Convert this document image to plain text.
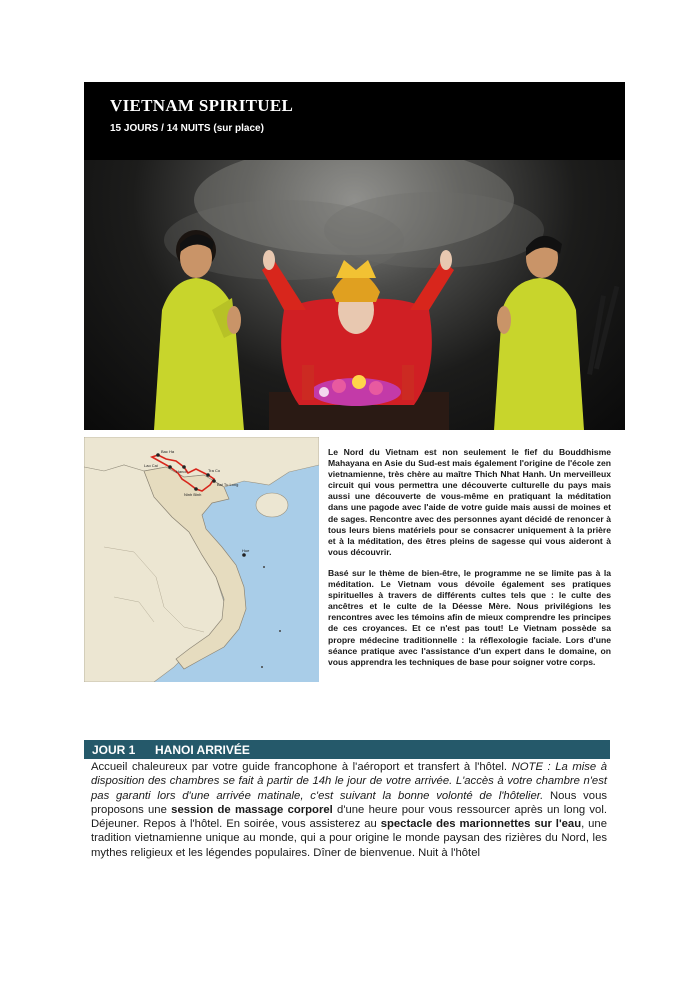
VIETNAM SPIRITUEL
15 JOURS / 14 NUITS (sur place)
Bac Ha
Lao Cai
Hanoi	Tra Co
Ninh Binh
Bai Tu Long
Hue

Le Nord du Vietnam est non seulement le fief du Bouddhisme Mahayana en Asie du Sud-est mais également l'origine de l'école zen vietnamienne, très chère au maître Thich Nhat Hanh. Un merveilleux circuit qui vous permettra une découverte culturelle du pays mais aussi une découverte de vous-même en pratiquant la méditation dans une pagode avec l'aide de votre guide mais aussi de moines et de sages. Rencontre avec des personnes ayant décidé de renoncer à tous leurs biens matériels pour se consacrer uniquement à la prière et à la méditation, des êtres pleins de sagesse qui vous aideront à vous découvrir.

Basé sur le thème de bien-être, le programme ne se limite pas à la méditation. Le Vietnam vous dévoile également ses pratiques spirituelles à travers de différents cultes tels que : le culte des ancêtres et le culte de la Déesse Mère. Nous privilégions les rencontres avec les témoins afin de mieux comprendre les principes de ces croyances. Et ce n'est pas tout! Le Vietnam possède sa propre médecine traditionnelle : la réflexologie faciale. Lors d'une séance pratique avec l'assistance d'un expert dans le domaine, on vous apprendra les techniques de base pour soigner votre corps.

JOUR 1 HANOI ARRIVÉE
Accueil chaleureux par votre guide francophone à l'aéroport et transfert à l'hôtel. NOTE : La mise à disposition des chambres se fait à partir de 14h le jour de votre arrivée. L'accès à votre chambre n'est pas garanti lors d'une arrivée matinale, c'est suivant la bonne volonté de l'hôtelier. Nous vous proposons une session de massage corporel d'une heure pour vous ressourcer après un long vol. Déjeuner. Repos à l'hôtel. En soirée, vous assisterez au spectacle des marionnettes sur l'eau, une tradition vietnamienne unique au monde, qui a pour origine le monde paysan des rizières du Nord, les mythes religieux et les légendes populaires. Dîner de bienvenue. Nuit à l'hôtel
